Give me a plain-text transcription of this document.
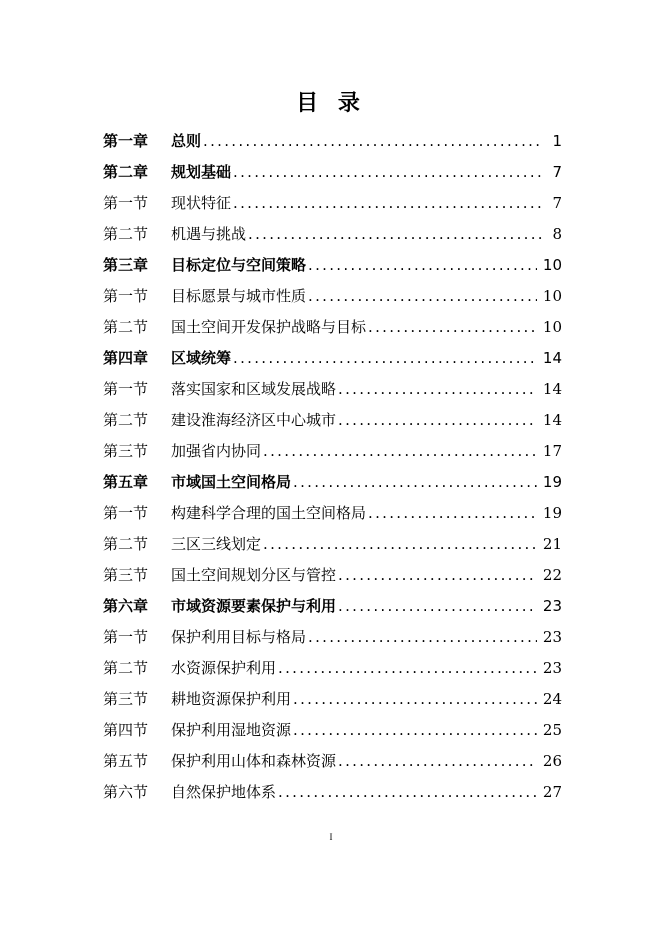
目 录
第一章	总则 .....	1
第二章	规划基础 .....	7
第一节	现状特征 .....	7
第二节	机遇与挑战 .....	8
第三章	目标定位与空间策略 .....	10
第一节	目标愿景与城市性质 .....	10
第二节	国土空间开发保护战略与目标 .....	10
第四章	区域统筹 .....	14
第一节	落实国家和区域发展战略 .....	14
第二节	建设淮海经济区中心城市 .....	14
第三节	加强省内协同 .....	17
第五章	市域国土空间格局 .....	19
第一节	构建科学合理的国土空间格局 .....	19
第二节	三区三线划定 .....	21
第三节	国土空间规划分区与管控 .....	22
第六章	市域资源要素保护与利用 .....	23
第一节	保护利用目标与格局 .....	23
第二节	水资源保护利用 .....	23
第三节	耕地资源保护利用 .....	24
第四节	保护利用湿地资源 .....	25
第五节	保护利用山体和森林资源 .....	26
第六节	自然保护地体系 .....	27
I
